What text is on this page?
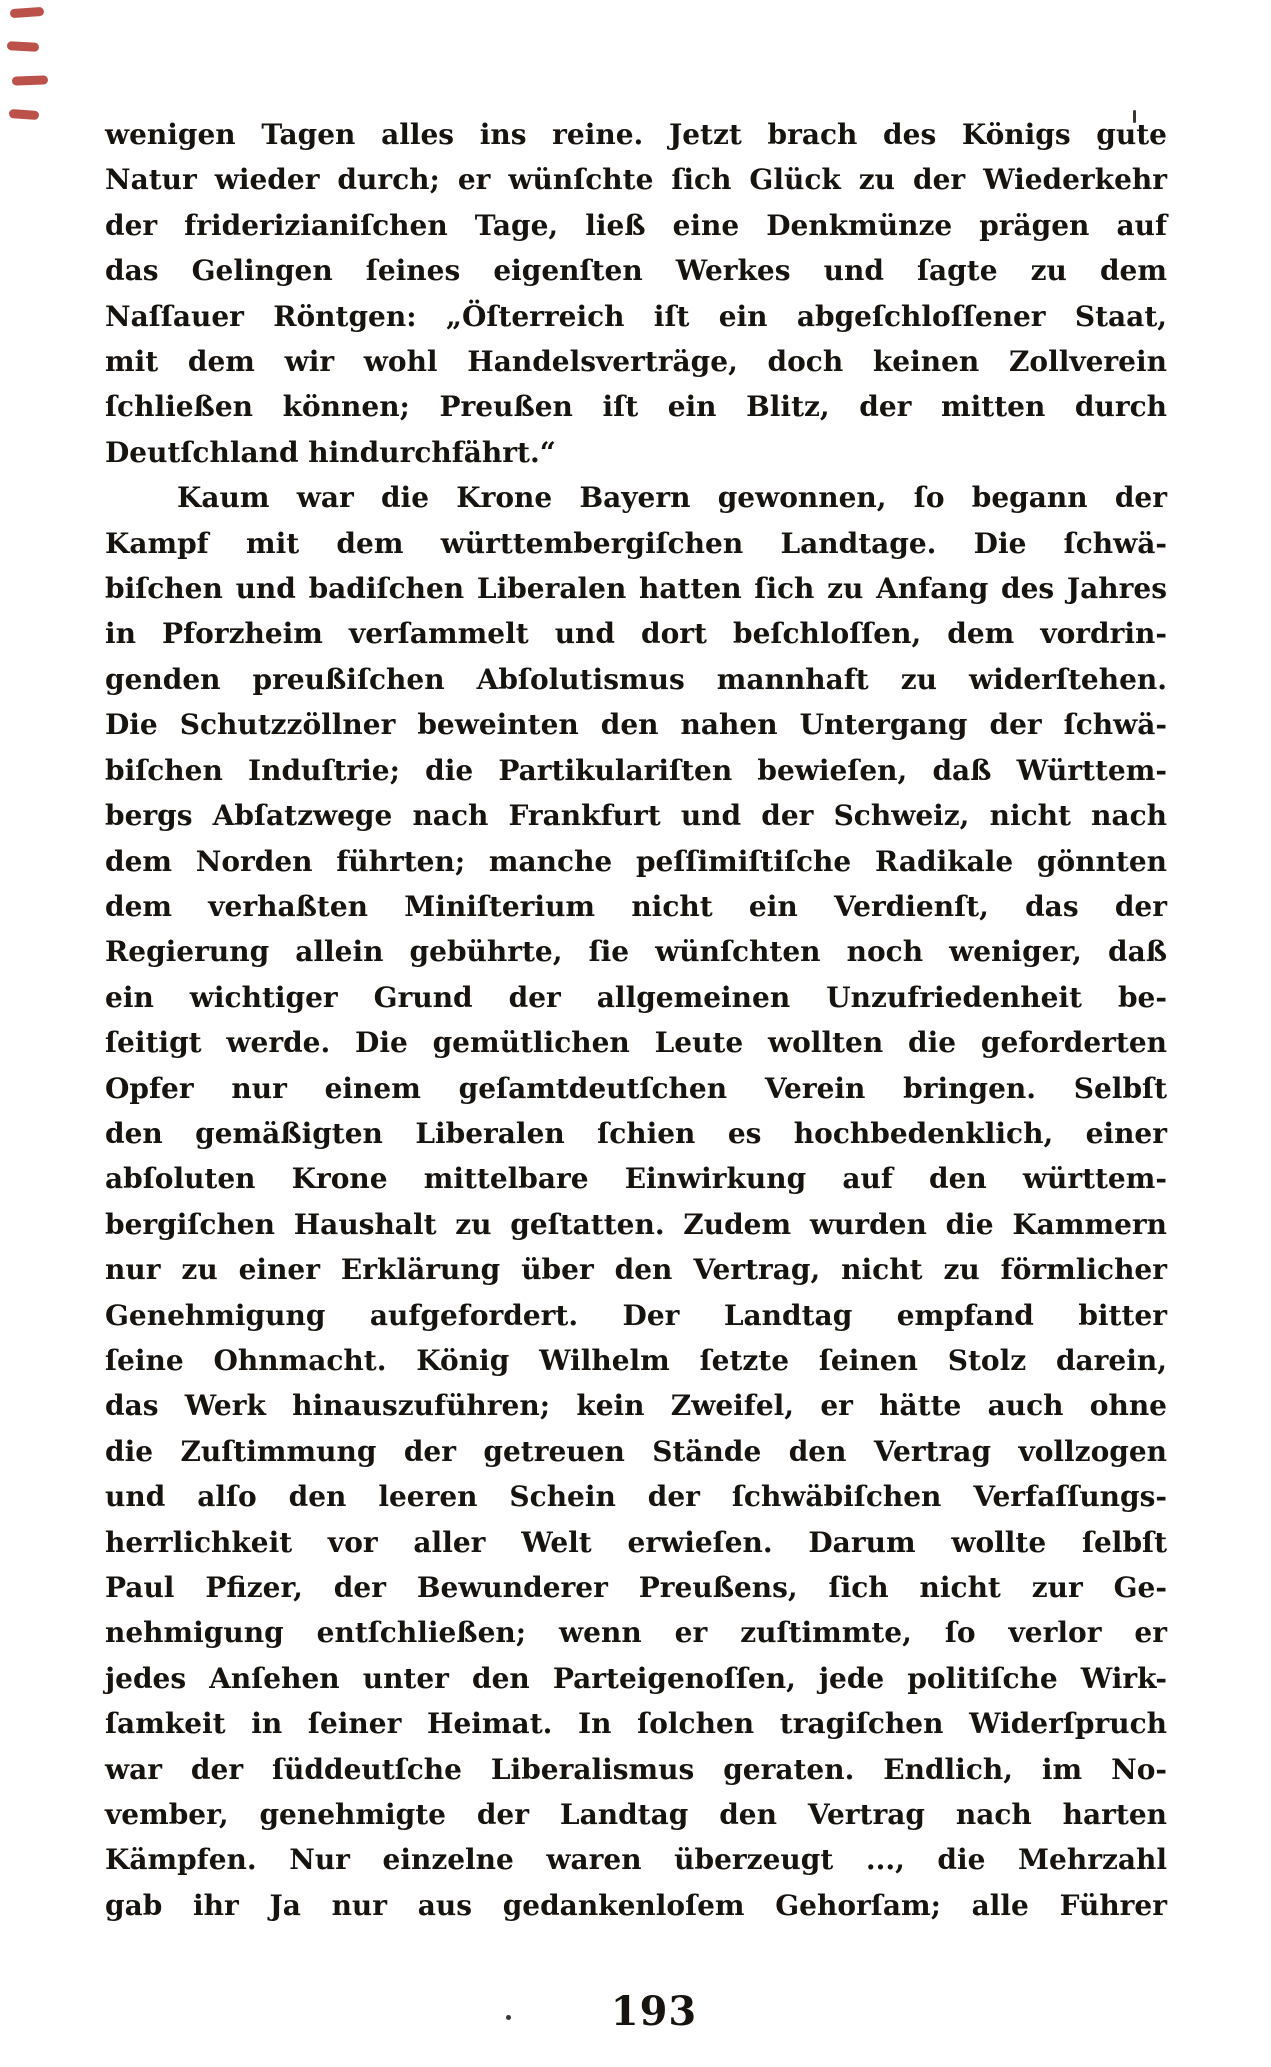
wenigen Tagen alles ins reine. Jetzt brach des Königs gute
Natur wieder durch; er wünſchte ſich Glück zu der Wiederkehr
der friderizianiſchen Tage, ließ eine Denkmünze prägen auf
das Gelingen ſeines eigenſten Werkes und ſagte zu dem
Naſſauer Röntgen: „Öſterreich iſt ein abgeſchloſſener Staat,
mit dem wir wohl Handelsverträge, doch keinen Zollverein
ſchließen können; Preußen iſt ein Blitz, der mitten durch
Deutſchland hindurchfährt.“
Kaum war die Krone Bayern gewonnen, ſo begann der
Kampf mit dem württembergiſchen Landtage. Die ſchwä-
biſchen und badiſchen Liberalen hatten ſich zu Anfang des Jahres
in Pforzheim verſammelt und dort beſchloſſen, dem vordrin-
genden preußiſchen Abſolutismus mannhaft zu widerſtehen.
Die Schutzzöllner beweinten den nahen Untergang der ſchwä-
biſchen Induſtrie; die Partikulariſten bewieſen, daß Württem-
bergs Abſatzwege nach Frankfurt und der Schweiz, nicht nach
dem Norden führten; manche peſſimiſtiſche Radikale gönnten
dem verhaßten Miniſterium nicht ein Verdienſt, das der
Regierung allein gebührte, ſie wünſchten noch weniger, daß
ein wichtiger Grund der allgemeinen Unzufriedenheit be-
ſeitigt werde. Die gemütlichen Leute wollten die geforderten
Opfer nur einem geſamtdeutſchen Verein bringen. Selbſt
den gemäßigten Liberalen ſchien es hochbedenklich, einer
abſoluten Krone mittelbare Einwirkung auf den württem-
bergiſchen Haushalt zu geſtatten. Zudem wurden die Kammern
nur zu einer Erklärung über den Vertrag, nicht zu förmlicher
Genehmigung aufgefordert. Der Landtag empfand bitter
ſeine Ohnmacht. König Wilhelm ſetzte ſeinen Stolz darein,
das Werk hinauszuführen; kein Zweifel, er hätte auch ohne
die Zuſtimmung der getreuen Stände den Vertrag vollzogen
und alſo den leeren Schein der ſchwäbiſchen Verfaſſungs-
herrlichkeit vor aller Welt erwieſen. Darum wollte ſelbſt
Paul Pfizer, der Bewunderer Preußens, ſich nicht zur Ge-
nehmigung entſchließen; wenn er zuſtimmte, ſo verlor er
jedes Anſehen unter den Parteigenoſſen, jede politiſche Wirk-
ſamkeit in ſeiner Heimat. In ſolchen tragiſchen Widerſpruch
war der ſüddeutſche Liberalismus geraten. Endlich, im No-
vember, genehmigte der Landtag den Vertrag nach harten
Kämpfen. Nur einzelne waren überzeugt ..., die Mehrzahl
gab ihr Ja nur aus gedankenloſem Gehorſam; alle Führer
193
